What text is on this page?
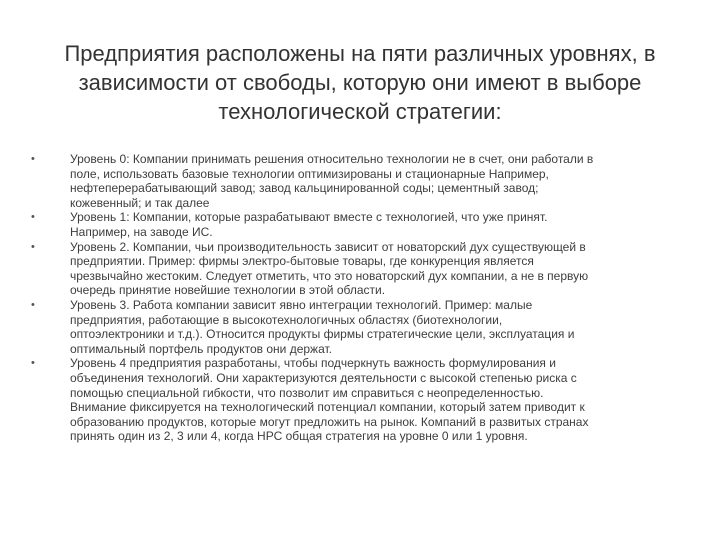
Предприятия расположены на пяти различных уровнях, в
зависимости от свободы, которую они имеют в выборе
технологической стратегии:
•	Уровень 0: Компании принимать решения относительно технологии не в счет, они работали в
поле, использовать базовые технологии оптимизированы и стационарные Например,
нефтеперерабатывающий завод; завод кальцинированной соды; цементный завод;
кожевенный; и так далее
•	Уровень 1: Компании, которые разрабатывают вместе с технологией, что уже принят.
Например, на заводе ИС.
•	Уровень 2. Компании, чьи производительность зависит от новаторский дух существующей в
предприятии. Пример: фирмы электро-бытовые товары, где конкуренция является
чрезвычайно жестоким. Следует отметить, что это новаторский дух компании, а не в первую
очередь принятие новейшие технологии в этой области.
•	Уровень 3. Работа компании зависит явно интеграции технологий. Пример: малые
предприятия, работающие в высокотехнологичных областях (биотехнологии,
оптоэлектроники и т.д.). Относится продукты фирмы стратегические цели, эксплуатация и
оптимальный портфель продуктов они держат.
•	Уровень 4 предприятия разработаны, чтобы подчеркнуть важность формулирования и
объединения технологий. Они характеризуются деятельности с высокой степенью риска с
помощью специальной гибкости, что позволит им справиться с неопределенностью.
Внимание фиксируется на технологический потенциал компании, который затем приводит к
образованию продуктов, которые могут предложить на рынок. Компаний в развитых странах
принять один из 2, 3 или 4, когда НРС общая стратегия на уровне 0 или 1 уровня.
